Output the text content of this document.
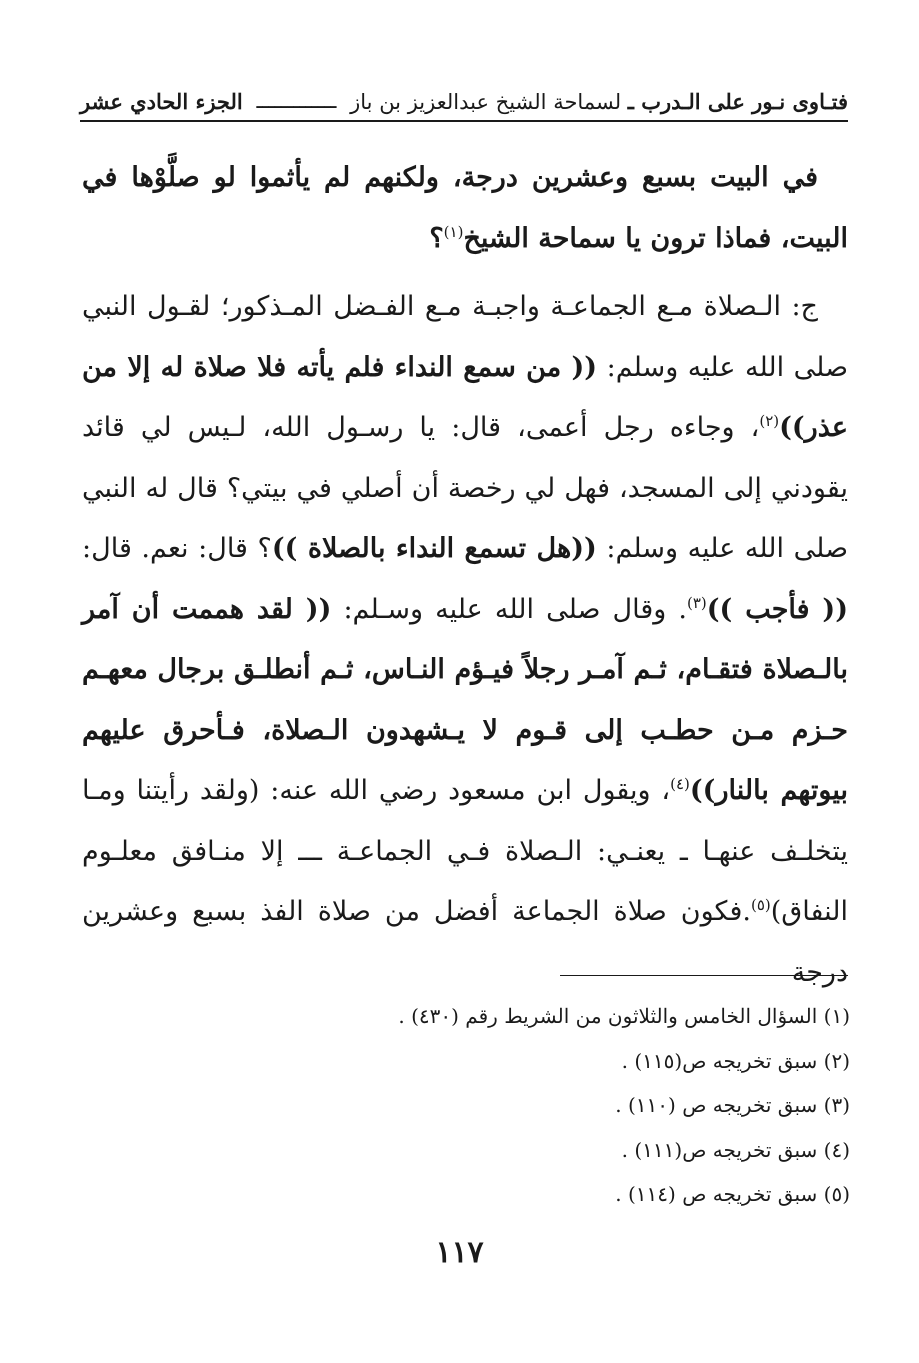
فتـاوى نـور على الـدرب ـ لسماحة الشيخ عبدالعزيز بن باز
ـــــــــــــ
الجزء الحادي عشر

في البيت بسبع وعشرين درجة، ولكنهم لم يأثموا لو صلَّوْها في البيت، فماذا ترون يا سماحة الشيخ$^{(١)}$؟

ج: الـصلاة مـع الجماعـة واجبـة مـع الفـضل المـذكور؛ لقـول النبي صلى الله عليه وسلم: (( من سمع النداء فلم يأته فلا صلاة له إلا من عذر))$^{(٢)}$، وجاءه رجل أعمى، قال: يا رسـول الله، لـيس لي قائد يقودني إلى المسجد، فهل لي رخصة أن أصلي في بيتي؟ قال له النبي صلى الله عليه وسلم: ((هل تسمع النداء بالصلاة ))؟ قال: نعم. قال: (( فأجب ))$^{(٣)}$. وقال صلى الله عليه وسـلم: (( لقد هممت أن آمر بالـصلاة فتقـام، ثـم آمـر رجلاً فيـؤم النـاس، ثـم أنطلـق برجال معهـم حـزم مـن حطـب إلى قـوم لا يـشهدون الـصلاة، فـأحرق عليهم بيوتهم بالنار))$^{(٤)}$، ويقول ابن مسعود رضي الله عنه: (ولقد رأيتنا ومـا يتخلـف عنهـا ـ يعنـي: الـصلاة فـي الجماعـة ـــ إلا منـافق معلـوم النفاق)$^{(٥)}$.فكون صلاة الجماعة أفضل من صلاة الفذ بسبع وعشرين درجة

(١) السؤال الخامس والثلاثون من الشريط رقم (٤٣٠) .
(٢) سبق تخريجه ص(١١٥) .
(٣) سبق تخريجه ص (١١٠) .
(٤) سبق تخريجه ص(١١١) .
(٥) سبق تخريجه ص (١١٤) .
١١٧
